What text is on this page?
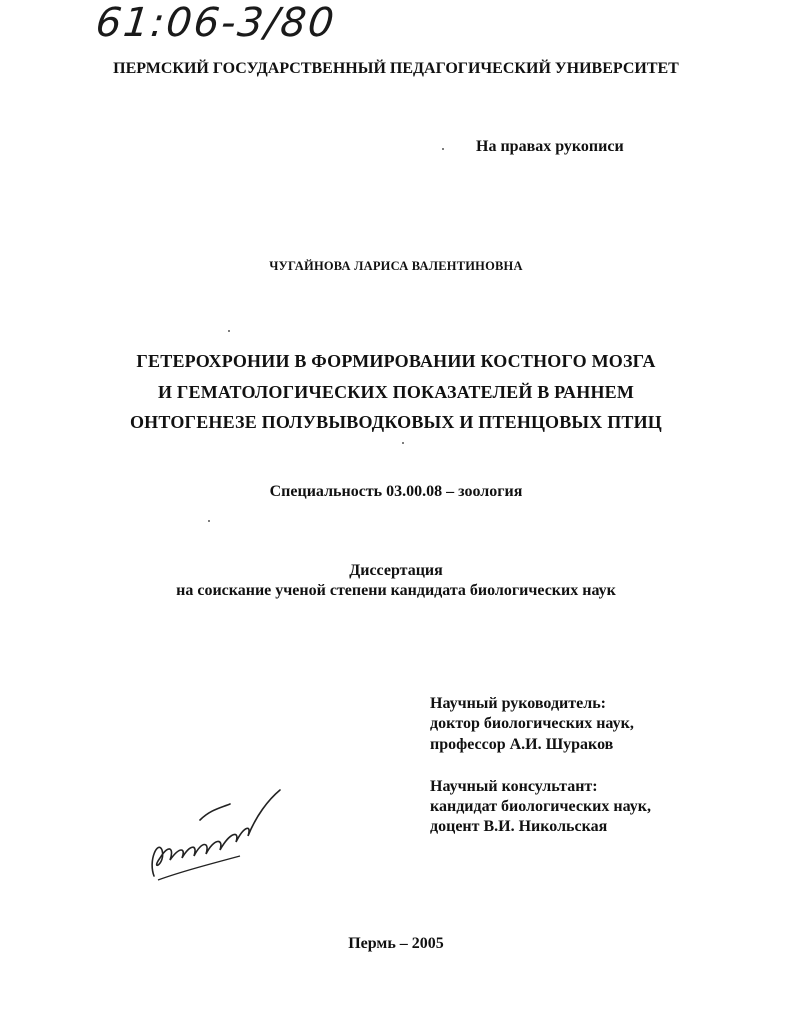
61:06-3/80
ПЕРМСКИЙ ГОСУДАРСТВЕННЫЙ ПЕДАГОГИЧЕСКИЙ УНИВЕРСИТЕТ
На правах рукописи
ЧУГАЙНОВА ЛАРИСА ВАЛЕНТИНОВНА
ГЕТЕРОХРОНИИ В ФОРМИРОВАНИИ КОСТНОГО МОЗГА
И ГЕМАТОЛОГИЧЕСКИХ ПОКАЗАТЕЛЕЙ В РАННЕМ
ОНТОГЕНЕЗЕ ПОЛУВЫВОДКОВЫХ И ПТЕНЦОВЫХ ПТИЦ
Специальность 03.00.08 – зоология
Диссертация
на соискание ученой степени кандидата биологических наук
Научный руководитель:
доктор биологических наук,
профессор А.И. Шураков
Научный консультант:
кандидат биологических наук,
доцент В.И. Никольская
Пермь – 2005
